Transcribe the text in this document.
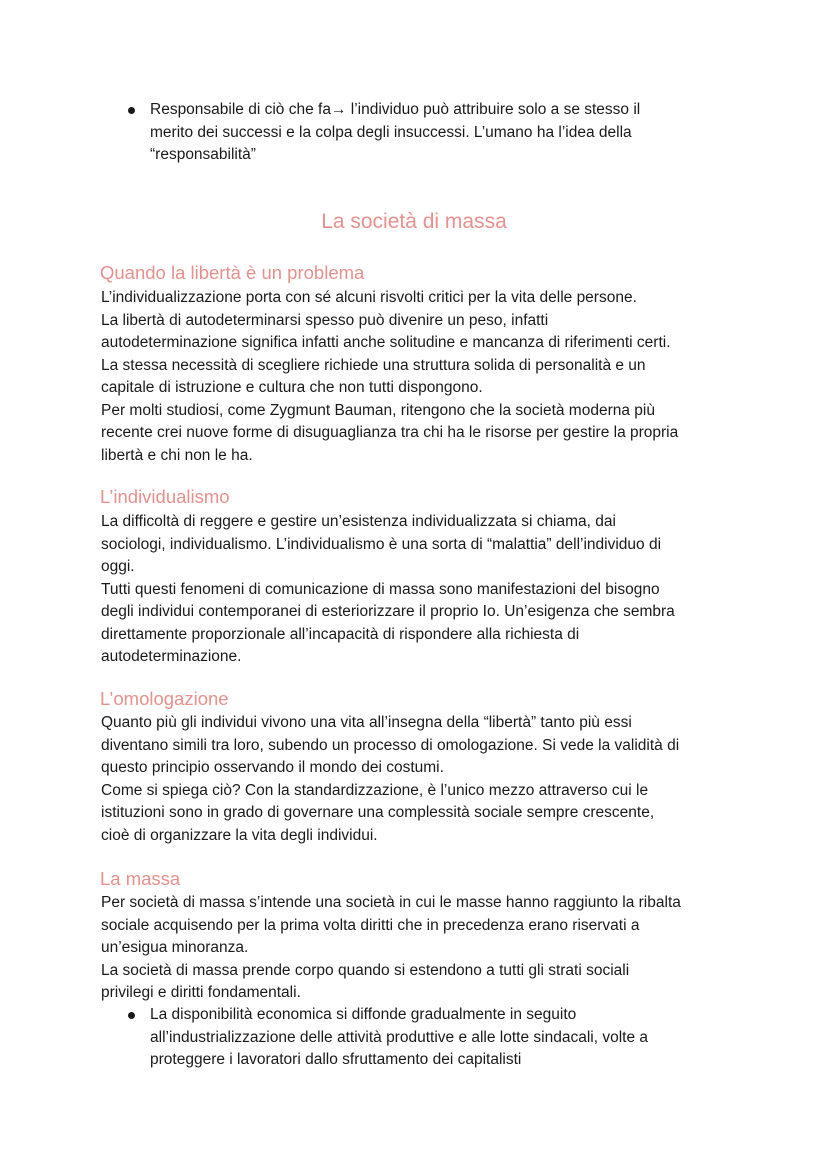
Responsabile di ciò che fa→ l’individuo può attribuire solo a se stesso il
merito dei successi e la colpa degli insuccessi. L’umano ha l’idea della
“responsabilità”
La società di massa
Quando la libertà è un problema
L’individualizzazione porta con sé alcuni risvolti critici per la vita delle persone.
La libertà di autodeterminarsi spesso può divenire un peso, infatti
autodeterminazione significa infatti anche solitudine e mancanza di riferimenti certi.
La stessa necessità di scegliere richiede una struttura solida di personalità e un
capitale di istruzione e cultura che non tutti dispongono.
Per molti studiosi, come Zygmunt Bauman, ritengono che la società moderna più
recente crei nuove forme di disuguaglianza tra chi ha le risorse per gestire la propria
libertà e chi non le ha.
L’individualismo
La difficoltà di reggere e gestire un’esistenza individualizzata si chiama, dai
sociologi, individualismo. L’individualismo è una sorta di “malattia” dell’individuo di
oggi.
Tutti questi fenomeni di comunicazione di massa sono manifestazioni del bisogno
degli individui contemporanei di esteriorizzare il proprio Io. Un’esigenza che sembra
direttamente proporzionale all’incapacità di rispondere alla richiesta di
autodeterminazione.
L’omologazione
Quanto più gli individui vivono una vita all’insegna della “libertà” tanto più essi
diventano simili tra loro, subendo un processo di omologazione. Si vede la validità di
questo principio osservando il mondo dei costumi.
Come si spiega ciò? Con la standardizzazione, è l’unico mezzo attraverso cui le
istituzioni sono in grado di governare una complessità sociale sempre crescente,
cioè di organizzare la vita degli individui.
La massa
Per società di massa s’intende una società in cui le masse hanno raggiunto la ribalta
sociale acquisendo per la prima volta diritti che in precedenza erano riservati a
un’esigua minoranza.
La società di massa prende corpo quando si estendono a tutti gli strati sociali
privilegi e diritti fondamentali.
La disponibilità economica si diffonde gradualmente in seguito
all’industrializzazione delle attività produttive e alle lotte sindacali, volte a
proteggere i lavoratori dallo sfruttamento dei capitalisti
